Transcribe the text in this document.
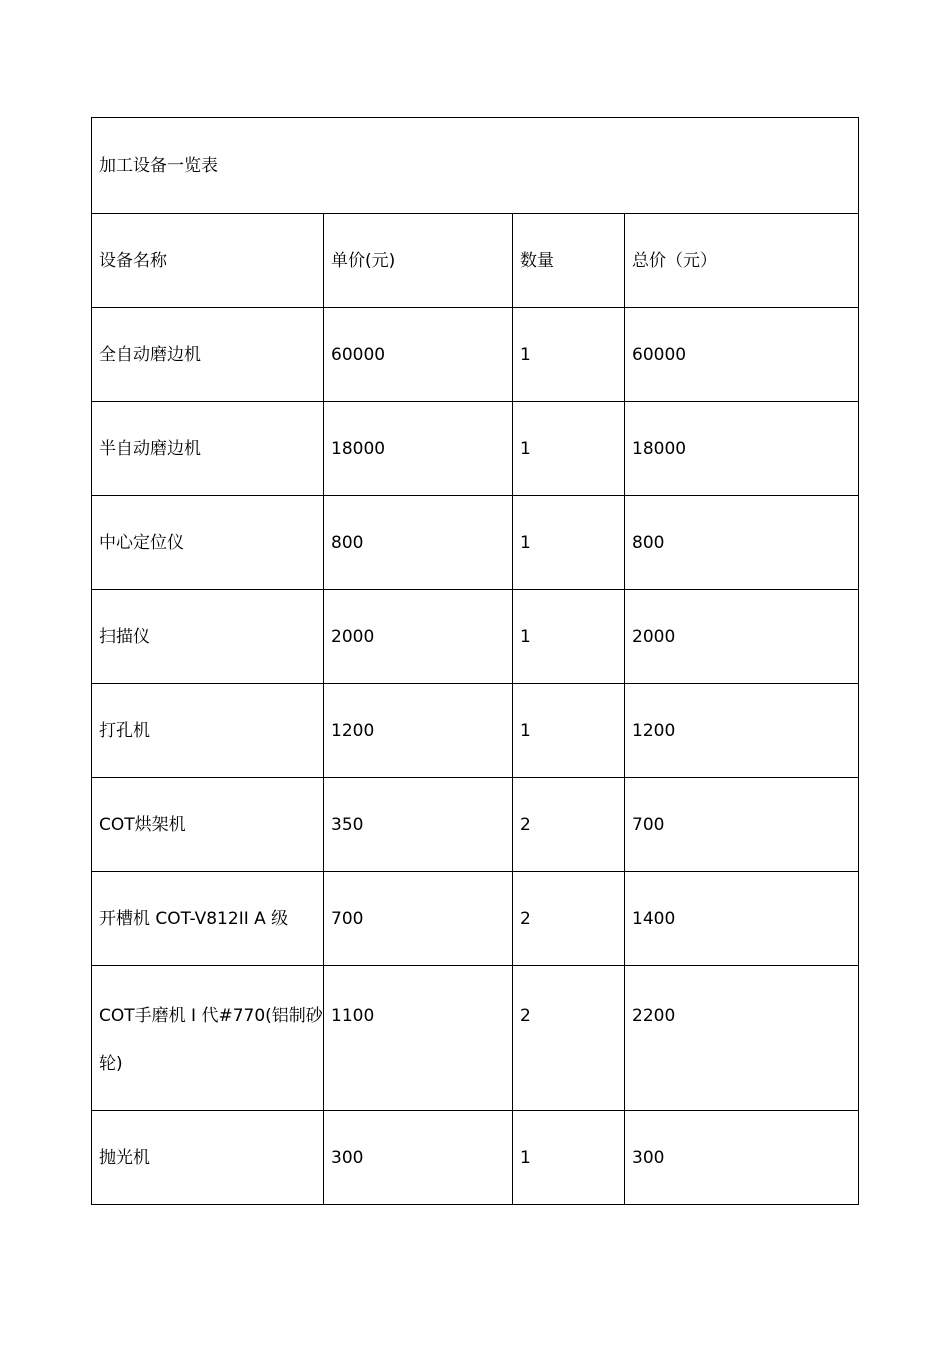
加工设备一览表			
设备名称	单价(元)	数量	总价（元）
全自动磨边机	60000	1	60000
半自动磨边机	18000	1	18000
中心定位仪	800	1	800
扫描仪	2000	1	2000
打孔机	1200	1	1200
COT烘架机	350	2	700
开槽机 COT-V812II A 级	700	2	1400
COT手磨机 Ⅰ 代#770(铝制砂轮)	1100	2	2200
抛光机	300	1	300
